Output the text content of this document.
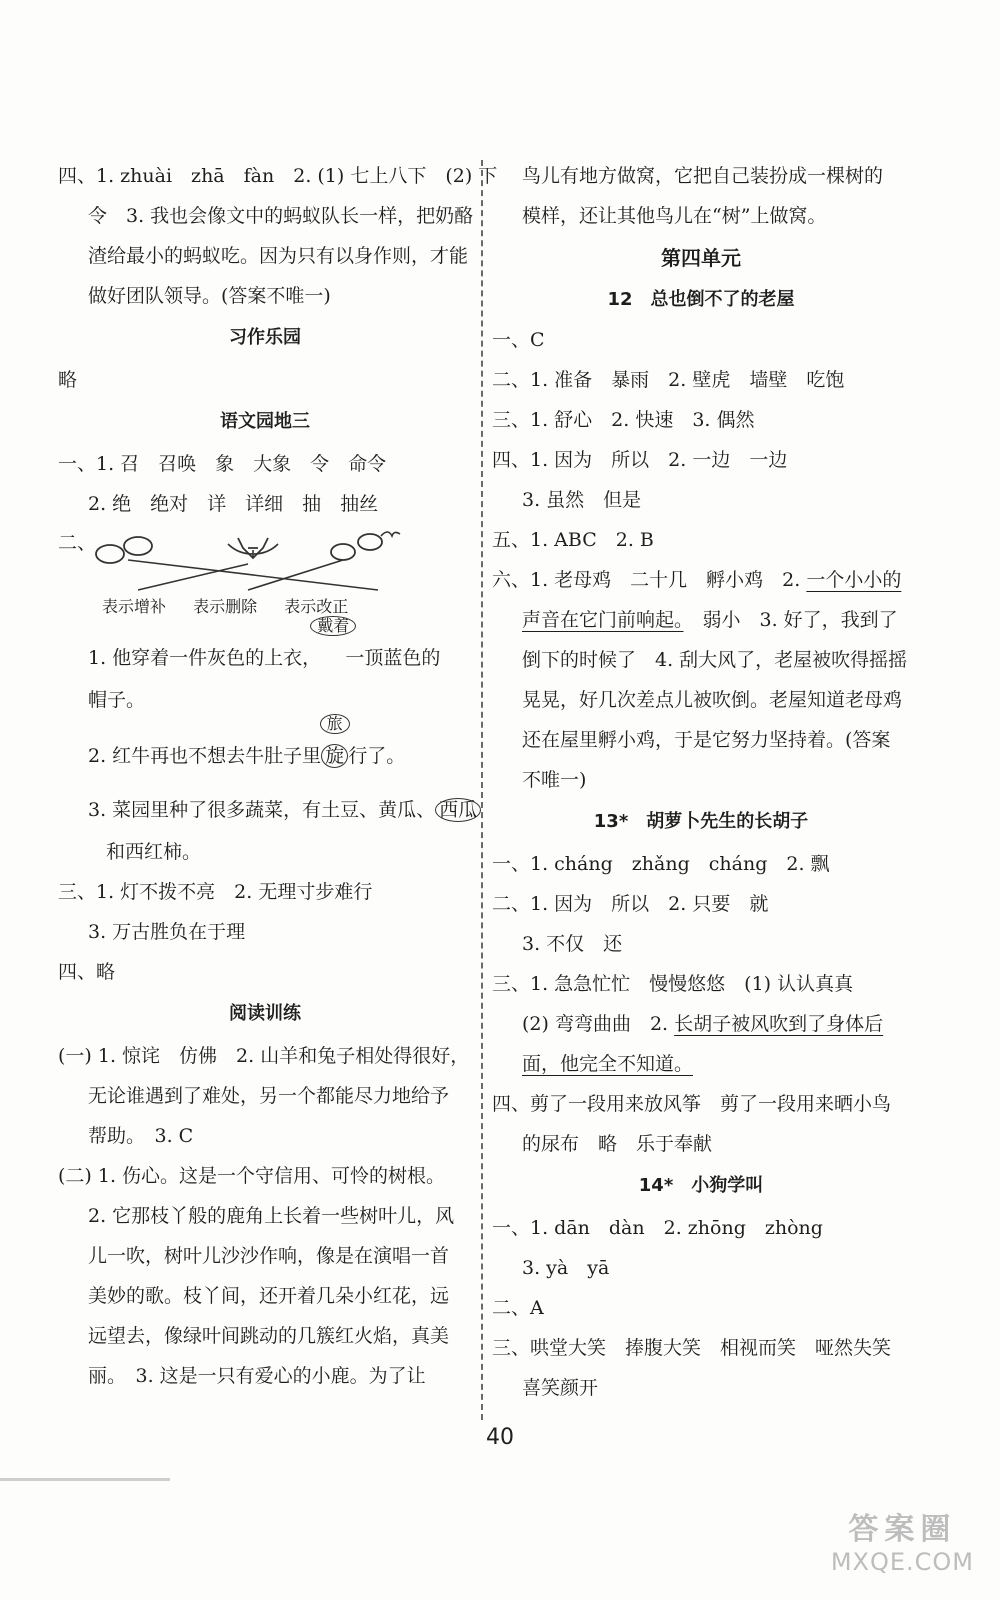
四、1. zhuài　zhā　fàn　2. (1) 七上八下　(2) 下
令　3. 我也会像文中的蚂蚁队长一样，把奶酪
渣给最小的蚂蚁吃。因为只有以身作则，才能
做好团队领导。(答案不唯一)
习作乐园
略
语文园地三
一、1. 召　召唤　象　大象　令　命令
2. 绝　绝对　详　详细　抽　抽丝
二、
表示增补 表示删除 表示改正
1. 他穿着一件灰色的上衣，
戴着
一顶蓝色的
帽子。
2. 红牛再也不想去牛肚子里
旅
旋 行了。
3. 菜园里种了很多蔬菜，有土豆、黄瓜、 西瓜
和西红柿。
三、1. 灯不拨不亮　2. 无理寸步难行
3. 万古胜负在于理
四、略
阅读训练
(一) 1. 惊诧　仿佛　2. 山羊和兔子相处得很好，
无论谁遇到了难处，另一个都能尽力地给予
帮助。　3. C
(二) 1. 伤心。这是一个守信用、可怜的树根。
2. 它那枝丫般的鹿角上长着一些树叶儿，风
儿一吹，树叶儿沙沙作响，像是在演唱一首
美妙的歌。枝丫间，还开着几朵小红花，远
远望去，像绿叶间跳动的几簇红火焰，真美
丽。　3. 这是一只有爱心的小鹿。为了让
鸟儿有地方做窝，它把自己装扮成一棵树的
模样，还让其他鸟儿在“树”上做窝。
第四单元
12　总也倒不了的老屋
一、C
二、1. 准备　暴雨　2. 壁虎　墙壁　吃饱
三、1. 舒心　2. 快速　3. 偶然
四、1. 因为　所以　2. 一边　一边
3. 虽然　但是
五、1. ABC　2. B
六、1. 老母鸡　二十几　孵小鸡　2. 一个小小的
声音在它门前响起。　弱小　3. 好了，我到了
倒下的时候了　4. 刮大风了，老屋被吹得摇摇
晃晃，好几次差点儿被吹倒。老屋知道老母鸡
还在屋里孵小鸡，于是它努力坚持着。(答案
不唯一)
13*　胡萝卜先生的长胡子
一、1. cháng　zhǎng　cháng　2. 飘
二、1. 因为　所以　2. 只要　就
3. 不仅　还
三、1. 急急忙忙　慢慢悠悠　(1) 认认真真
(2) 弯弯曲曲　2. 长胡子被风吹到了身体后
面，他完全不知道。
四、剪了一段用来放风筝　剪了一段用来晒小鸟
的尿布　略　乐于奉献
14*　小狗学叫
一、1. dān　dàn　2. zhōng　zhòng
3. yà　yā
二、A
三、哄堂大笑　捧腹大笑　相视而笑　哑然失笑
喜笑颜开
40
答案圈
MXQE.COM
